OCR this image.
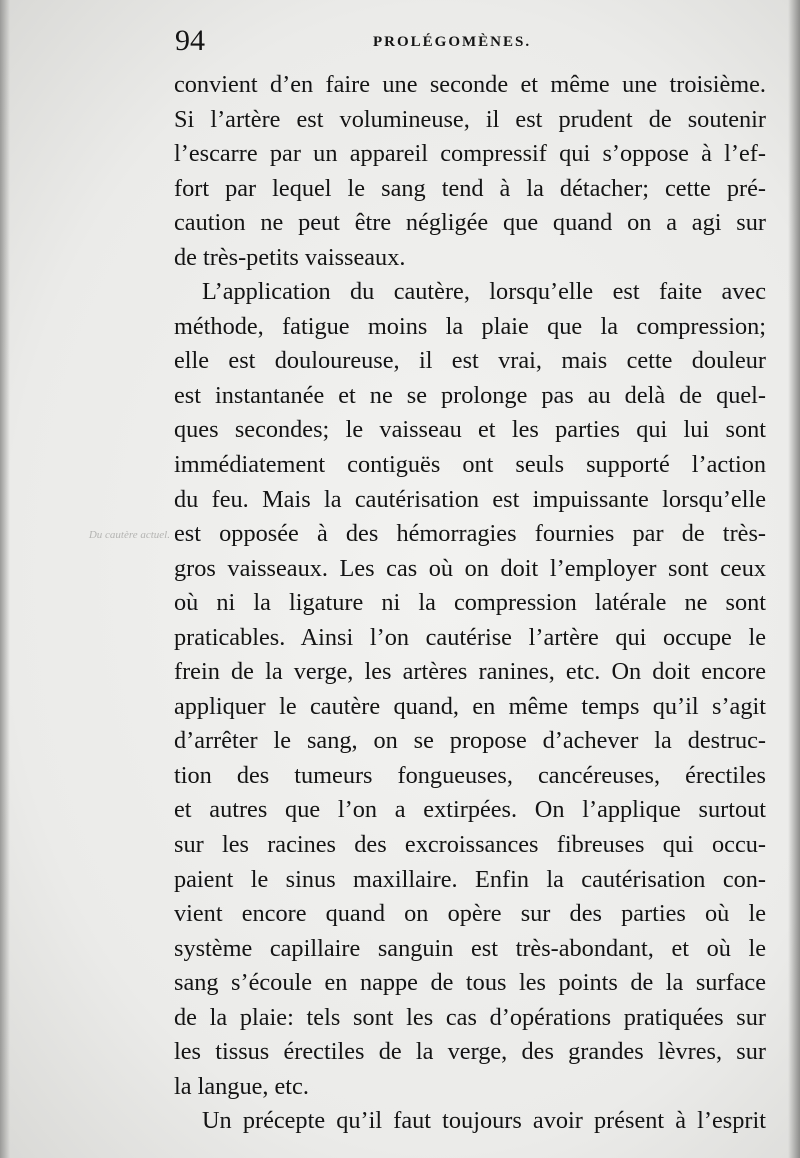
94	PROLÉGOMÈNES.
Du cautère actuel.
convient d’en faire une seconde et même une troisième.
Si l’artère est volumineuse, il est prudent de soutenir
l’escarre par un appareil compressif qui s’oppose à l’ef-
fort par lequel le sang tend à la détacher; cette pré-
caution ne peut être négligée que quand on a agi sur
de très-petits vaisseaux.
L’application du cautère, lorsqu’elle est faite avec
méthode, fatigue moins la plaie que la compression;
elle est douloureuse, il est vrai, mais cette douleur
est instantanée et ne se prolonge pas au delà de quel-
ques secondes; le vaisseau et les parties qui lui sont
immédiatement contiguës ont seuls supporté l’action
du feu. Mais la cautérisation est impuissante lorsqu’elle
est opposée à des hémorragies fournies par de très-
gros vaisseaux. Les cas où on doit l’employer sont ceux
où ni la ligature ni la compression latérale ne sont
praticables. Ainsi l’on cautérise l’artère qui occupe le
frein de la verge, les artères ranines, etc. On doit encore
appliquer le cautère quand, en même temps qu’il s’agit
d’arrêter le sang, on se propose d’achever la destruc-
tion des tumeurs fongueuses, cancéreuses, érectiles
et autres que l’on a extirpées. On l’applique surtout
sur les racines des excroissances fibreuses qui occu-
paient le sinus maxillaire. Enfin la cautérisation con-
vient encore quand on opère sur des parties où le
système capillaire sanguin est très-abondant, et où le
sang s’écoule en nappe de tous les points de la surface
de la plaie: tels sont les cas d’opérations pratiquées sur
les tissus érectiles de la verge, des grandes lèvres, sur
la langue, etc.
Un précepte qu’il faut toujours avoir présent à l’esprit
